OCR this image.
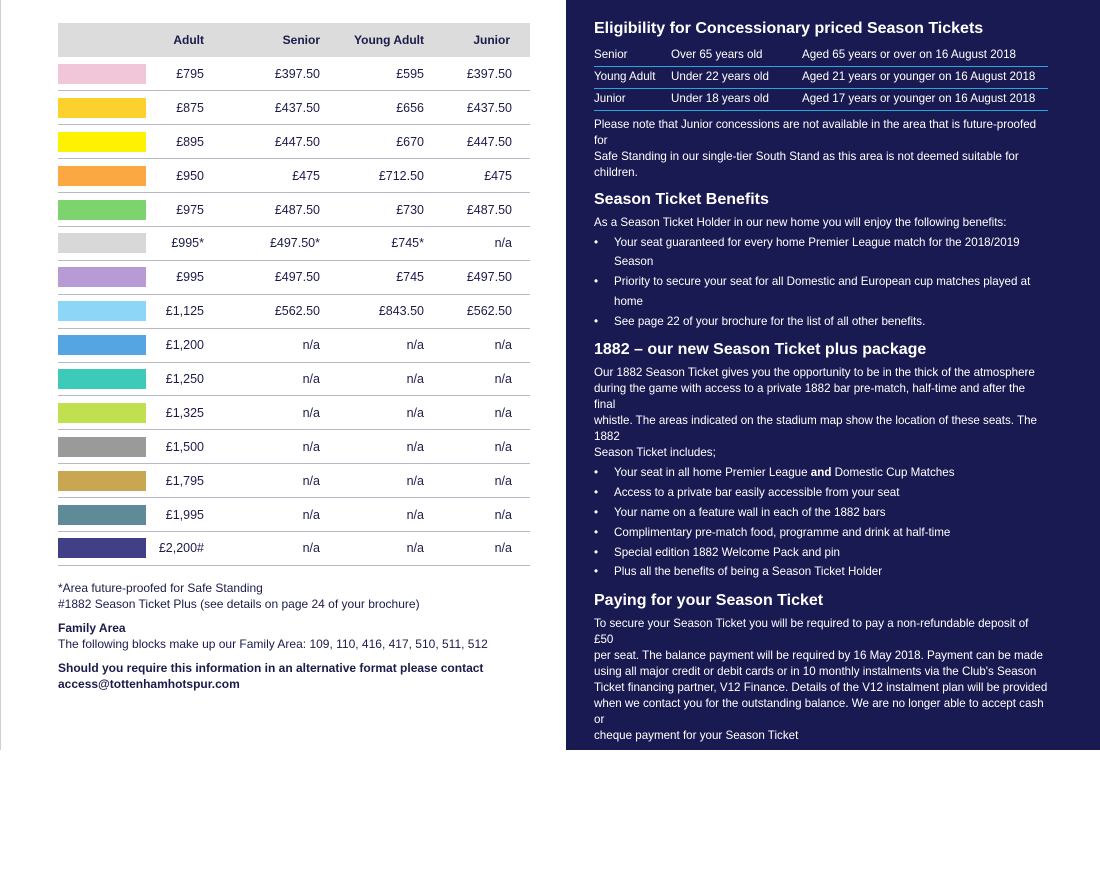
	Adult	Senior	Young Adult	Junior

	£795	£397.50	£595	£397.50

	£875	£437.50	£656	£437.50

	£895	£447.50	£670	£447.50

	£950	£475	£712.50	£475

	£975	£487.50	£730	£487.50

	£995*	£497.50*	£745*	n/a

	£995	£497.50	£745	£497.50

	£1,125	£562.50	£843.50	£562.50

	£1,200	n/a	n/a	n/a

	£1,250	n/a	n/a	n/a

	£1,325	n/a	n/a	n/a

	£1,500	n/a	n/a	n/a

	£1,795	n/a	n/a	n/a

	£1,995	n/a	n/a	n/a

	£2,200#	n/a	n/a	n/a

*Area future-proofed for Safe Standing

#1882 Season Ticket Plus (see details on page 24 of your brochure)

Family Area

The following blocks make up our Family Area: 109, 110, 416, 417, 510, 511, 512

Should you require this information in an alternative format please contact

access@tottenhamhotspur.com

Eligibility for Concessionary priced Season Tickets
Senior	Over 65 years old	Aged 65 years or over on 16 August 2018
Young Adult	Under 22 years old	Aged 21 years or younger on 16 August 2018
Junior	Under 18 years old	Aged 17 years or younger on 16 August 2018

Please note that Junior concessions are not available in the area that is future-proofed for

Safe Standing in our single-tier South Stand as this area is not deemed suitable for children.

Season Ticket Benefits

As a Season Ticket Holder in our new home you will enjoy the following benefits:

• Your seat guaranteed for every home Premier League match for the 2018/2019 Season
• Priority to secure your seat for all Domestic and European cup matches played at home
• See page 22 of your brochure for the list of all other benefits.
1882 – our new Season Ticket plus package

Our 1882 Season Ticket gives you the opportunity to be in the thick of the atmosphere

during the game with access to a private 1882 bar pre-match, half-time and after the final

whistle. The areas indicated on the stadium map show the location of these seats. The 1882

Season Ticket includes;

• Your seat in all home Premier League and Domestic Cup Matches
• Access to a private bar easily accessible from your seat
• Your name on a feature wall in each of the 1882 bars
• Complimentary pre-match food, programme and drink at half-time
• Special edition 1882 Welcome Pack and pin
• Plus all the benefits of being a Season Ticket Holder
Paying for your Season Ticket

To secure your Season Ticket you will be required to pay a non-refundable deposit of £50

per seat. The balance payment will be required by 16 May 2018. Payment can be made

using all major credit or debit cards or in 10 monthly instalments via the Club's Season

Ticket financing partner, V12 Finance. Details of the V12 instalment plan will be provided

when we contact you for the outstanding balance. We are no longer able to accept cash or

cheque payment for your Season Ticket

Locations of Accessible Areas

The locations and prices of accessible seating has been provided to our supporters

registered as requiring this information. If you have accessibility requirements and are not

already registered with our Disability Access Scheme, please contact our Disability Access

Manager by emailing access@tottenhamhotspur.com
